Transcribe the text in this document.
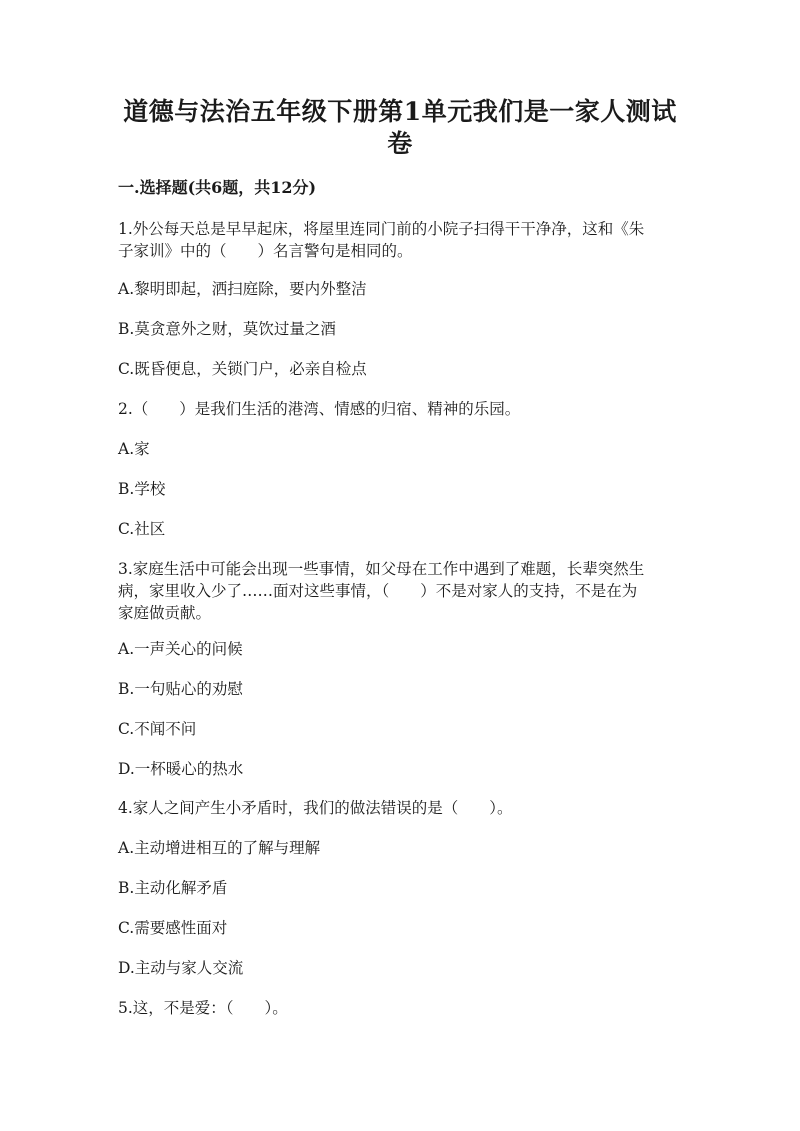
道德与法治五年级下册第1单元我们是一家人测试
卷
一.选择题(共6题，共12分)
1.外公每天总是早早起床，将屋里连同门前的小院子扫得干干净净，这和《朱
子家训》中的（　　）名言警句是相同的。
A.黎明即起，洒扫庭除，要内外整洁
B.莫贪意外之财，莫饮过量之酒
C.既昏便息，关锁门户，必亲自检点
2.（　　）是我们生活的港湾、情感的归宿、精神的乐园。
A.家
B.学校
C.社区
3.家庭生活中可能会出现一些事情，如父母在工作中遇到了难题，长辈突然生
病，家里收入少了……面对这些事情，（　　）不是对家人的支持，不是在为
家庭做贡献。
A.一声关心的问候
B.一句贴心的劝慰
C.不闻不问
D.一杯暖心的热水
4.家人之间产生小矛盾时，我们的做法错误的是（　　）。
A.主动增进相互的了解与理解
B.主动化解矛盾
C.需要感性面对
D.主动与家人交流
5.这，不是爱：（　　）。
